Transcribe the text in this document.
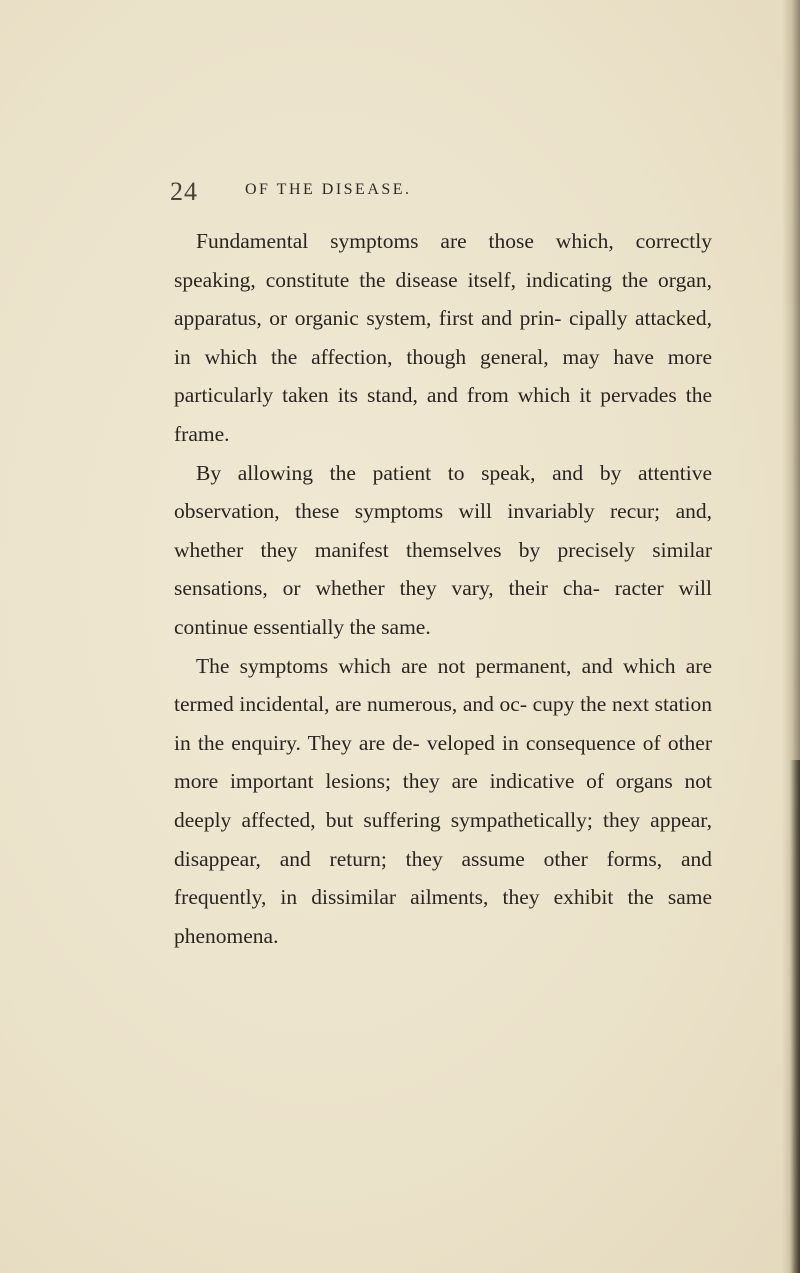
24	OF THE DISEASE.

Fundamental symptoms are those which, correctly speaking, constitute the disease itself, indicating the organ, apparatus, or organic system, first and prin- cipally attacked, in which the affection, though general, may have more particularly taken its stand, and from which it pervades the frame.

By allowing the patient to speak, and by attentive observation, these symptoms will invariably recur; and, whether they manifest themselves by precisely similar sensations, or whether they vary, their cha- racter will continue essentially the same.

The symptoms which are not permanent, and which are termed incidental, are numerous, and oc- cupy the next station in the enquiry. They are de- veloped in consequence of other more important lesions; they are indicative of organs not deeply affected, but suffering sympathetically; they appear, disappear, and return; they assume other forms, and frequently, in dissimilar ailments, they exhibit the same phenomena.
